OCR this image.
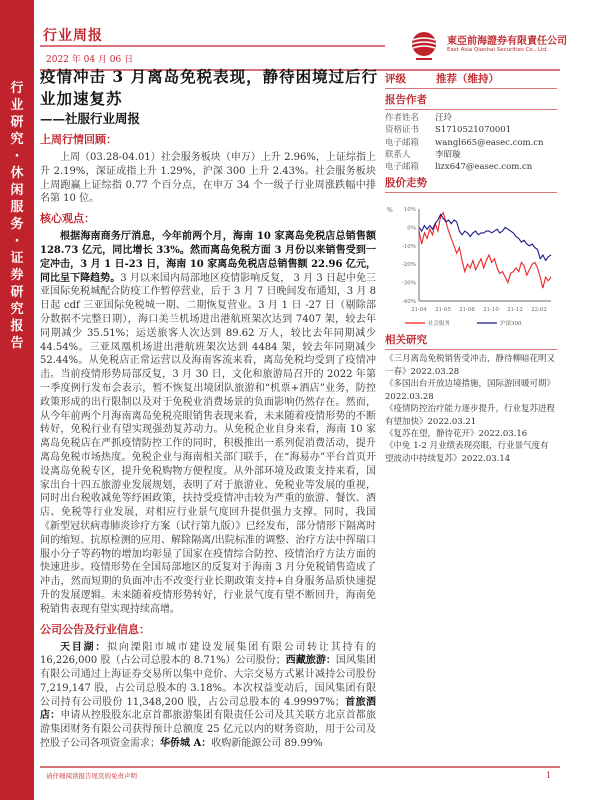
行
业
研
究
·
休
闲
服
务
·
证
券
研
究
报
告
行业周报
2022 年 04 月 06 日
東亞前海證券有限責任公司
East Asia Qianhai Securities Co., Ltd.
疫情冲击 3 月离岛免税表现，静待困境过后行业加速复苏
——社服行业周报
上周行情回顾：
上周（03.28-04.01）社会服务板块（申万）上升 2.96%，上证综指上升 2.19%，深证成指上升 1.29%，沪深 300 上升 2.43%。社会服务板块上周跑赢上证综指 0.77 个百分点，在申万 34 个一级子行业周涨跌幅中排名第 10 位。
核心观点：
根据海南商务厅消息，今年前两个月，海南 10 家离岛免税店总销售额 128.73 亿元，同比增长 33%。然而离岛免税方面 3 月份以来销售受到一定冲击，3 月 1 日-23 日，海南 10 家离岛免税店总销售额 22.96 亿元，同比呈下降趋势。3 月以来国内局部地区疫情影响反复， 3 月 3 日起中免三亚国际免税城配合防疫工作暂停营业，后于 3 月 7 日晚间发布通知，3 月 8 日起 cdf 三亚国际免税城一期、二期恢复营业。3 月 1 日 -27 日（剔除部分数据不完整日期），海口美兰机场进出港航班架次达到 7407 架，较去年同期减少 35.51%；运送旅客人次达到 89.62 万人，较比去年同期减少 44.54%。三亚凤凰机场进出港航班架次达到 4484 架，较去年同期减少 52.44%。从免税店正常运营以及海南客流来看，离岛免税均受到了疫情冲击。当前疫情形势局部反复，3 月 30 日，文化和旅游局召开的 2022 年第一季度例行发布会表示，暂不恢复出境团队旅游和“机票+酒店”业务，防控政策形成的出行限制以及对于免税业消费场景的负面影响仍然存在。然而，从今年前两个月海南离岛免税亮眼销售表现来看，未来随着疫情形势的不断转好，免税行业有望实现强劲复苏动力。从免税企业自身来看，海南 10 家离岛免税店在严抓疫情防控工作的同时，积极推出一系列促消费活动，提升离岛免税市场热度。免税企业与海南相关部门联手，在“海易办”平台首页开设离岛免税专区，提升免税购物方便程度。从外部环境及政策支持来看，国家出台十四五旅游业发展规划，表明了对于旅游业、免税业等发展的重视，同时出台税收减免等纾困政策，扶持受疫情冲击较为严重的旅游、餐饮、酒店、免税等行业发展，对相应行业景气度回升提供强力支撑。同时，我国《新型冠状病毒肺炎诊疗方案（试行第九版）》已经发布，部分情形下隔离时间的缩短、抗原检测的应用、解除隔离/出院标准的调整、治疗方法中挥瑞口服小分子等药物的增加均彰显了国家在疫情综合防控、疫情治疗方法方面的快速进步。疫情形势在全国局部地区的反复对于海南 3 月分免税销售造成了冲击，然而短期的负面冲击不改变行业长期政策支持+自身服务品质快速提升的发展逻辑。未来随着疫情形势转好，行业景气度有望不断回升，海南免税销售表现有望实现持续高增。
公司公告及行业信息：
天目湖：拟向溧阳市城市建设发展集团有限公司转让其持有的 16,226,000 股（占公司总股本的 8.71%）公司股份；西藏旅游：国风集团有限公司通过上海证券交易所以集中竞价、大宗交易方式累计减持公司股份 7,219,147 股，占公司总股本的 3.18%。本次权益变动后，国风集团有限公司持有公司股份 11,348,200 股，占公司总股本的 4.99997%；首旅酒店：申请从控股股东北京首都旅游集团有限责任公司及其关联方北京首都旅游集团财务有限公司获得预计总额度 25 亿元以内的财务资助，用于公司及控股子公司各项资金需求；华侨城 A：收购新能源公司 89.99%
评级	推荐（维持）
报告作者
作者姓名	汪玲
资格证书	S1710521070001
电子邮箱	wangl665@easec.com.cn
联系人	李昭璇
电子邮箱	lizx647@easec.com.cn
股价走势
% 10%
0%
-10%
-20%
-30%
-40%
21-04 21-05 21-08 21-10 21-12 22-02
社会服务	沪深300
相关研究
《三月离岛免税销售受冲击，静待柳暗花明又一春》2022.03.28
《多国出台开放边境措施，国际游回暖可期》2022.03.28
《疫情防控治疗能力逐步提升，行业复苏进程有望加快》2022.03.21
《复苏在望，静待花开》2022.03.16
《中免 1-2 月业绩表现亮眼，行业景气度有望波动中持续复苏》2022.03.14
请仔细阅读报告尾页的免责声明	1
